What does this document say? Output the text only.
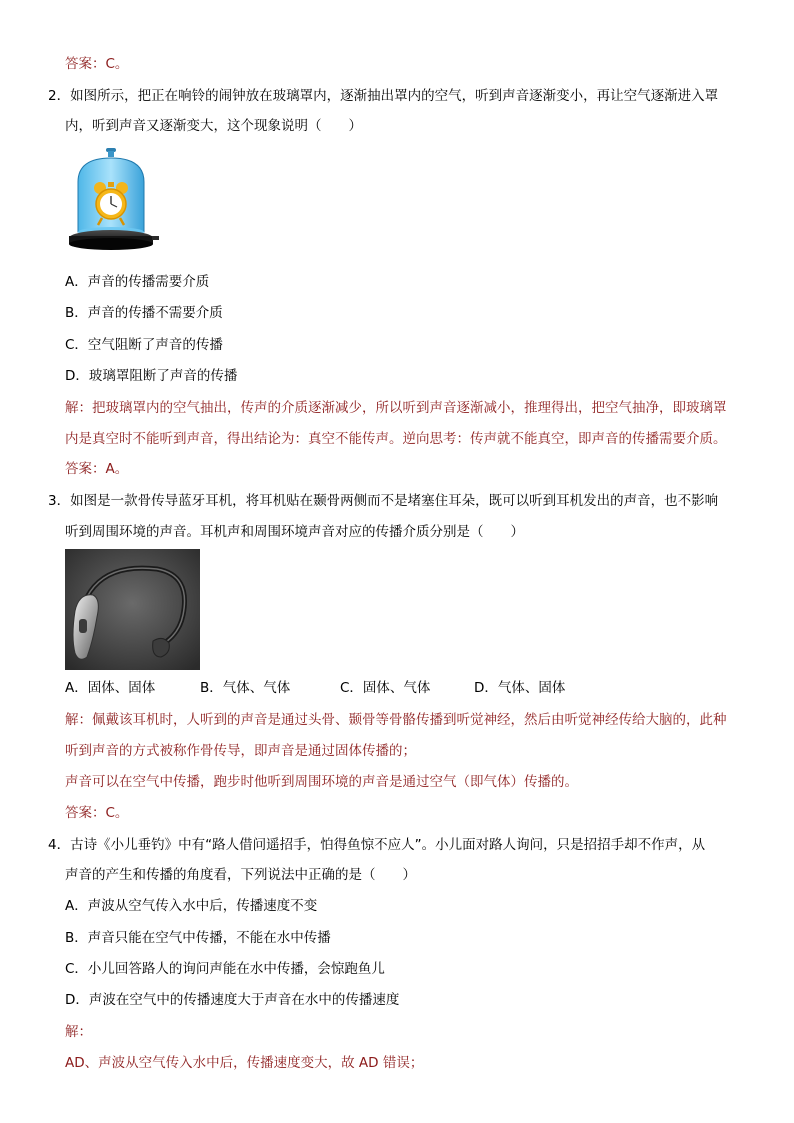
答案：C。
2．如图所示，把正在响铃的闹钟放在玻璃罩内，逐渐抽出罩内的空气，听到声音逐渐变小，再让空气逐渐进入罩
内，听到声音又逐渐变大，这个现象说明（　　）
A．声音的传播需要介质
B．声音的传播不需要介质
C．空气阻断了声音的传播
D．玻璃罩阻断了声音的传播
解：把玻璃罩内的空气抽出，传声的介质逐渐减少，所以听到声音逐渐减小，推理得出，把空气抽净，即玻璃罩
内是真空时不能听到声音，得出结论为：真空不能传声。逆向思考：传声就不能真空，即声音的传播需要介质。
答案：A。
3．如图是一款骨传导蓝牙耳机，将耳机贴在颞骨两侧而不是堵塞住耳朵，既可以听到耳机发出的声音，也不影响
听到周围环境的声音。耳机声和周围环境声音对应的传播介质分别是（　　）
A．固体、固体	B．气体、气体	C．固体、气体	D．气体、固体
解：佩戴该耳机时，人听到的声音是通过头骨、颞骨等骨骼传播到听觉神经，然后由听觉神经传给大脑的，此种
听到声音的方式被称作骨传导，即声音是通过固体传播的；
声音可以在空气中传播，跑步时他听到周围环境的声音是通过空气（即气体）传播的。
答案：C。
4．古诗《小儿垂钓》中有“路人借问遥招手，怕得鱼惊不应人”。小儿面对路人询问，只是招招手却不作声，从
声音的产生和传播的角度看，下列说法中正确的是（　　）
A．声波从空气传入水中后，传播速度不变
B．声音只能在空气中传播，不能在水中传播
C．小儿回答路人的询问声能在水中传播，会惊跑鱼儿
D．声波在空气中的传播速度大于声音在水中的传播速度
解：
AD、声波从空气传入水中后，传播速度变大，故 AD 错误；
